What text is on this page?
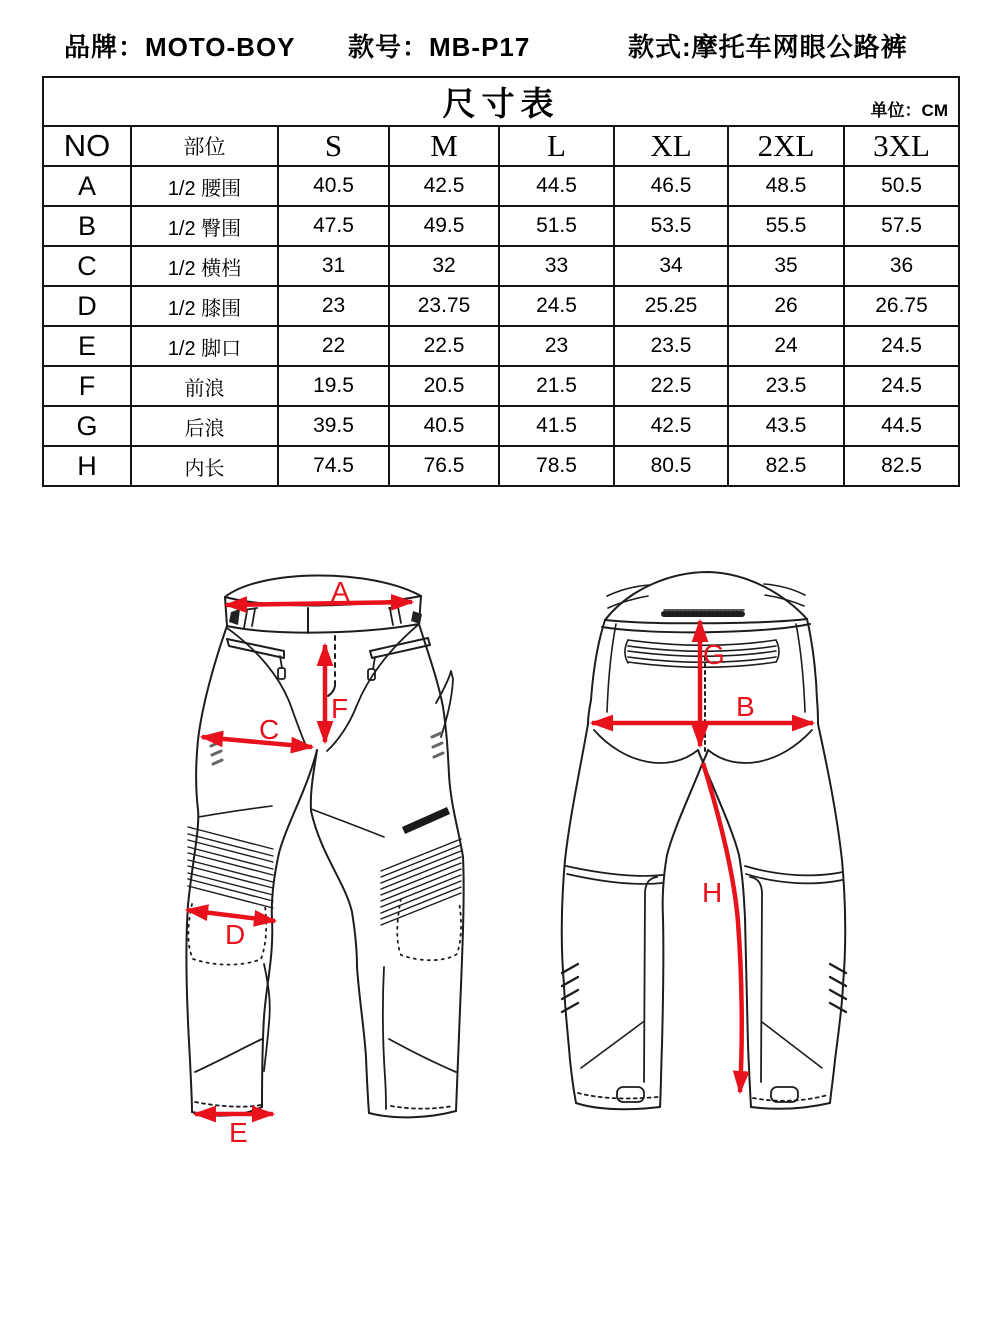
品牌：MOTO-BOY 款号：MB-P17	款式:摩托车网眼公路裤
尺寸表 单位：CM							

NO	部位	S	M	L	XL	2XL	3XL
A	1/2 腰围	40.5	42.5	44.5	46.5	48.5	50.5
B	1/2 臀围	47.5	49.5	51.5	53.5	55.5	57.5
C	1/2 横档	31	32	33	34	35	36
D	1/2 膝围	23	23.75	24.5	25.25	26	26.75
E	1/2 脚口	22	22.5	23	23.5	24	24.5
F	前浪	19.5	20.5	21.5	22.5	23.5	24.5
G	后浪	39.5	40.5	41.5	42.5	43.5	44.5
H	内长	74.5	76.5	78.5	80.5	82.5	82.5
A
F
C
D
E
G
B
H
